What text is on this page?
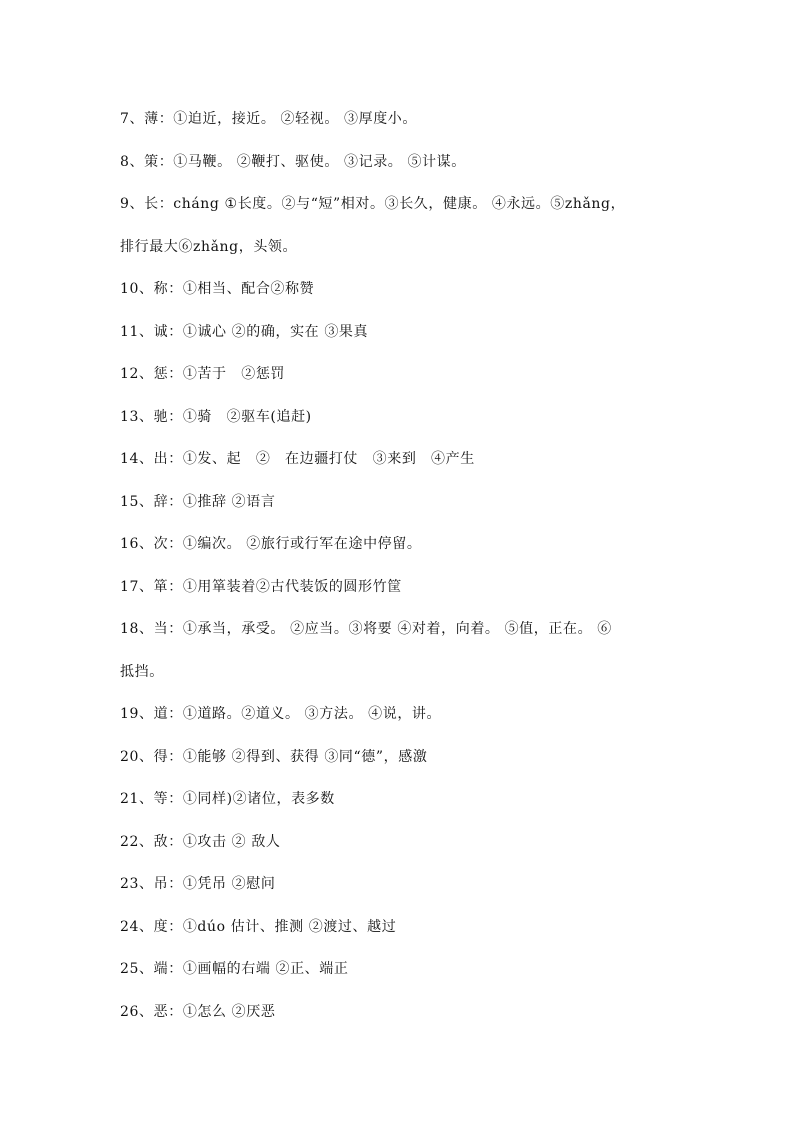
7、薄：①迫近，接近。 ②轻视。 ③厚度小。
8、策：①马鞭。 ②鞭打、驱使。 ③记录。 ⑤计谋。
9、长：cháng ①长度。②与“短”相对。③长久，健康。 ④永远。⑤zhǎng，
排行最大⑥zhǎng，头领。
10、称：①相当、配合②称赞
11、诚：①诚心 ②的确，实在 ③果真
12、惩：①苦于　②惩罚
13、驰：①骑　②驱车(追赶)
14、出：①发、起　②　在边疆打仗　③来到　④产生
15、辞：①推辞 ②语言
16、次：①编次。 ②旅行或行军在途中停留。
17、箪：①用箪装着②古代装饭的圆形竹筐
18、当：①承当，承受。 ②应当。③将要 ④对着，向着。 ⑤值，正在。 ⑥
抵挡。
19、道：①道路。②道义。 ③方法。 ④说，讲。
20、得：①能够 ②得到、获得 ③同“德”，感激
21、等：①同样)②诸位，表多数
22、敌：①攻击 ② 敌人
23、吊：①凭吊 ②慰问
24、度：①dúo 估计、推测 ②渡过、越过
25、端：①画幅的右端 ②正、端正
26、恶：①怎么 ②厌恶
